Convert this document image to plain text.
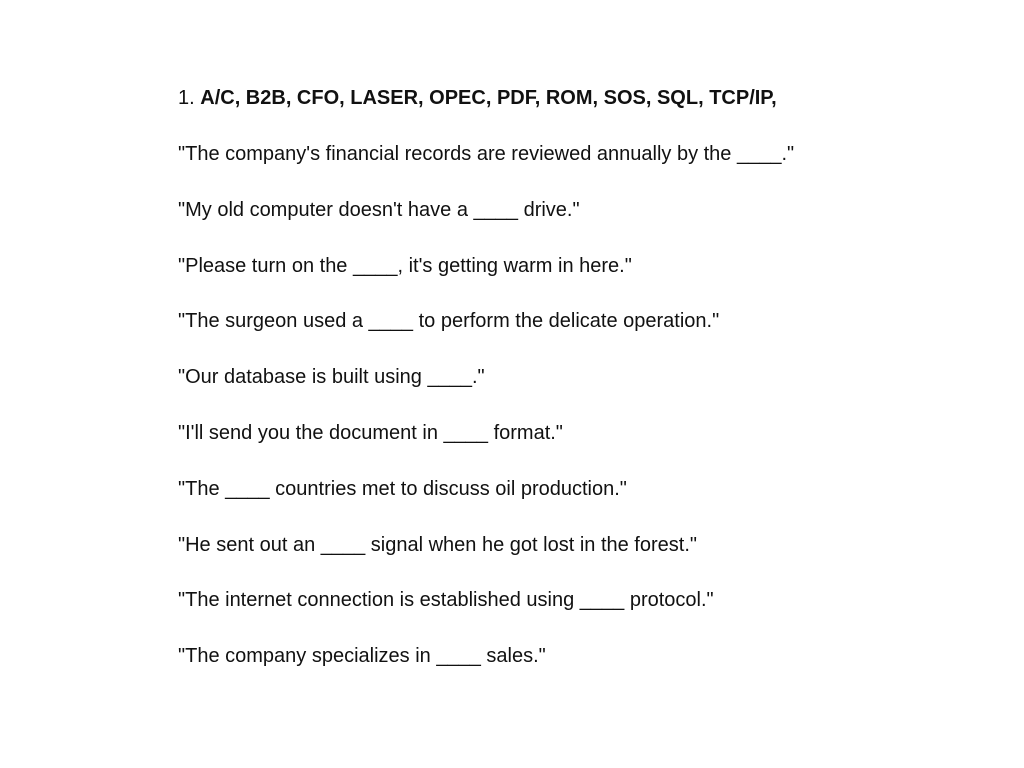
1. A/C, B2B, CFO, LASER, OPEC, PDF, ROM, SOS, SQL, TCP/IP,
"The company's financial records are reviewed annually by the ____."
"My old computer doesn't have a ____ drive."
"Please turn on the ____, it's getting warm in here."
"The surgeon used a ____ to perform the delicate operation."
"Our database is built using ____."
"I'll send you the document in ____ format."
"The ____ countries met to discuss oil production."
"He sent out an ____ signal when he got lost in the forest."
"The internet connection is established using ____ protocol."
"The company specializes in ____ sales."
